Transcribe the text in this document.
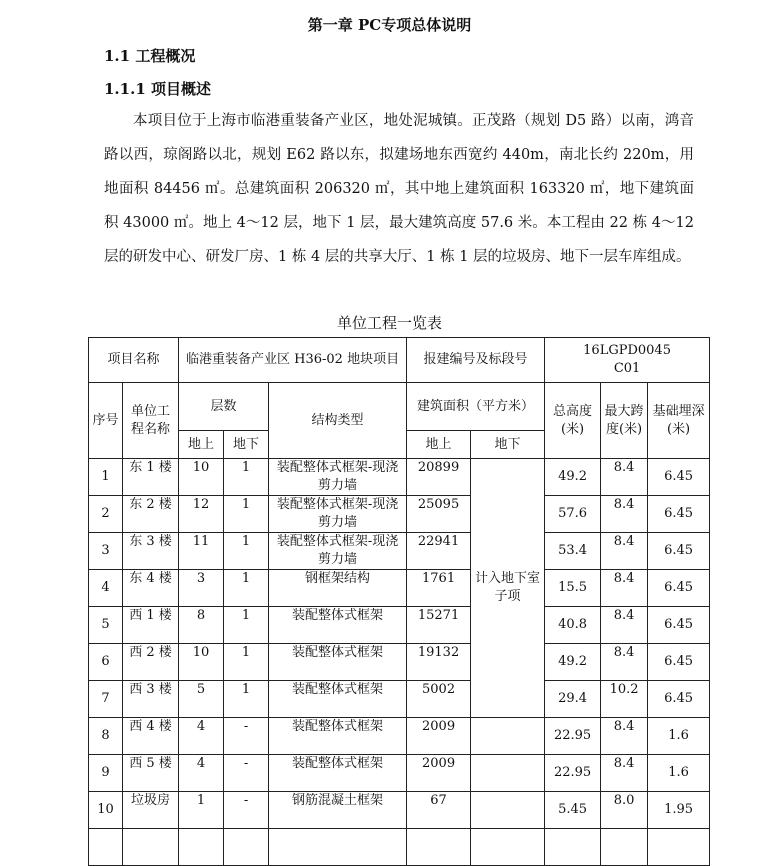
第一章 PC专项总体说明
1.1 工程概况
1.1.1 项目概述

本项目位于上海市临港重装备产业区，地处泥城镇。正茂路（规划 D5 路）以南，鸿音路以西，琼阁路以北，规划 E62 路以东，拟建场地东西宽约 440m，南北长约 220m，用地面积 84456 ㎡。总建筑面积 206320 ㎡，其中地上建筑面积 163320 ㎡，地下建筑面积 43000 ㎡。地上 4～12 层，地下 1 层，最大建筑高度 57.6 米。本工程由 22 栋 4～12 层的研发中心、研发厂房、1 栋 4 层的共享大厅、1 栋 1 层的垃圾房、地下一层车库组成。

单位工程一览表
项目名称		临港重装备产业区 H36-02 地块项目			报建编号及标段号		16LGPD0045
C01		

序号	单位工程名称	层数		结构类型	建筑面积（平方米）		总高度(米)	最大跨度(米)	基础埋深(米)
		地上	地下		地上	地下			
1	东 1 楼	10	1	装配整体式框架-现浇剪力墙	20899	计入地下室子项	49.2	8.4	6.45
2	东 2 楼	12	1	装配整体式框架-现浇剪力墙	25095		57.6	8.4	6.45
3	东 3 楼	11	1	装配整体式框架-现浇剪力墙	22941		53.4	8.4	6.45
4	东 4 楼	3	1	钢框架结构	1761		15.5	8.4	6.45
5	西 1 楼	8	1	装配整体式框架	15271		40.8	8.4	6.45
6	西 2 楼	10	1	装配整体式框架	19132		49.2	8.4	6.45
7	西 3 楼	5	1	装配整体式框架	5002		29.4	10.2	6.45
8	西 4 楼	4	-	装配整体式框架	2009		22.95	8.4	1.6
9	西 5 楼	4	-	装配整体式框架	2009		22.95	8.4	1.6
10	垃圾房	1	-	钢筋混凝土框架	67		5.45	8.0	1.95
